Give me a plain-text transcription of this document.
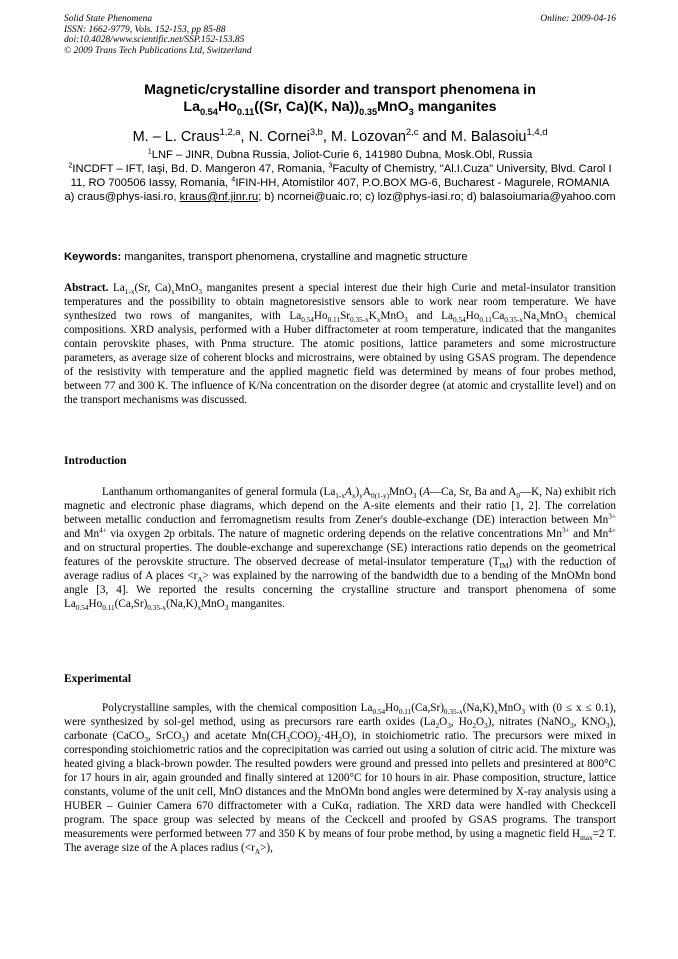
Solid State Phenomena
ISSN: 1662-9779, Vols. 152-153, pp 85-88
doi:10.4028/www.scientific.net/SSP.152-153.85
© 2009 Trans Tech Publications Ltd, Switzerland
Online: 2009-04-16
Magnetic/crystalline disorder and transport phenomena in
$La_{0.54}Ho_{0.11}((Sr$, Ca)(K, $Na))_{0.35}MnO_3$ manganites
M. – L. Craus$^{1,2,a}$, N. Cornei$^{3,b}$, M. Lozovan$^{2,c}$ and M. Balasoiu$^{1,4,d}$
$^1$LNF – JINR, Dubna Russia, Joliot-Curie 6, 141980 Dubna, Mosk.Obl, Russia
$^2$INCDFT – IFT, Iaşi, Bd. D. Mangeron 47, Romania, $^3$Faculty of Chemistry, "Al.I.Cuza" University, Blvd. Carol I 11, RO 700506 Iassy, Romania, $^4$IFIN-HH, Atomistilor 407, P.O.BOX MG-6, Bucharest - Magurele, ROMANIA
a) craus@phys-iasi.ro, kraus@nf.jinr.ru; b) ncornei@uaic.ro; c) loz@phys-iasi.ro; d) balasoiumaria@yahoo.com
Keywords: manganites, transport phenomena, crystalline and magnetic structure
Abstract. $La_{1-x}(Sr$, $Ca)_xMnO_3$ manganites present a special interest due their high Curie and metal-insulator transition temperatures and the possibility to obtain magnetoresistive sensors able to work near room temperature. We have synthesized two rows of manganites, with $La_{0.54}Ho_{0.11}Sr_{0.35-x}K_xMnO_3$ and $La_{0.54}Ho_{0.11}Ca_{0.35-x}Na_xMnO_3$ chemical compositions. XRD analysis, performed with a Huber diffractometer at room temperature, indicated that the manganites contain perovskite phases, with Pnma structure. The atomic positions, lattice parameters and some microstructure parameters, as average size of coherent blocks and microstrains, were obtained by using GSAS program. The dependence of the resistivity with temperature and the applied magnetic field was determined by means of four probes method, between 77 and 300 K. The influence of K/Na concentration on the disorder degree (at atomic and crystallite level) and on the transport mechanisms was discussed.
Introduction
Lanthanum orthomanganites of general formula $(La_{1-x}A_x)_yA_{0(1-y)}MnO_3$ (A—Ca, Sr, Ba and $A_0—K$, Na) exhibit rich magnetic and electronic phase diagrams, which depend on the A-site elements and their ratio [1, 2]. The correlation between metallic conduction and ferromagnetism results from Zener's double-exchange (DE) interaction between $Mn^{3+}$ and $Mn^{4+}$ via oxygen 2p orbitals. The nature of magnetic ordering depends on the relative concentrations $Mn^{3+}$ and $Mn^{4+}$ and on structural properties. The double-exchange and superexchange (SE) interactions ratio depends on the geometrical features of the perovskite structure. The observed decrease of metal-insulator temperature $(T_{IM})$ with the reduction of average radius of A places $<r_A>$ was explained by the narrowing of the bandwidth due to a bending of the MnOMn bond angle [3, 4]. We reported the results concerning the crystalline structure and transport phenomena of some $La_{0.54}Ho_{0.11}(Ca,Sr)_{0.35-x}(Na,K)_xMnO_3$ manganites.
Experimental
Polycrystalline samples, with the chemical composition $La_{0.54}Ho_{0.11}(Ca,Sr)_{0.35-x}(Na,K)_xMnO_3$ with (0 ≤ x ≤ 0.1), were synthesized by sol-gel method, using as precursors rare earth oxides ($La_2O_3$, $Ho_2O_3$), nitrates (NaNO$_3$, $KNO_3$), carbonate (CaCO$_3$, SrCO$_3$) and acetate $Mn(CH_3COO)_2\cdot 4H_2O$), in stoichiometric ratio. The precursors were mixed in corresponding stoichiometric ratios and the coprecipitation was carried out using a solution of citric acid. The mixture was heated giving a black-brown powder. The resulted powders were ground and pressed into pellets and presintered at 800°C for 17 hours in air, again grounded and finally sintered at 1200°C for 10 hours in air. Phase composition, structure, lattice constants, volume of the unit cell, MnO distances and the MnOMn bond angles were determined by X-ray analysis using a HUBER – Guinier Camera 670 diffractometer with a CuKα$_1$ radiation. The XRD data were handled with Checkcell program. The space group was selected by means of the Ceckcell and proofed by GSAS programs. The transport measurements were performed between 77 and 350 K by means of four probe method, by using a magnetic field $H_{max}=2$ T. The average size of the A places radius $(<r_A>)$,
